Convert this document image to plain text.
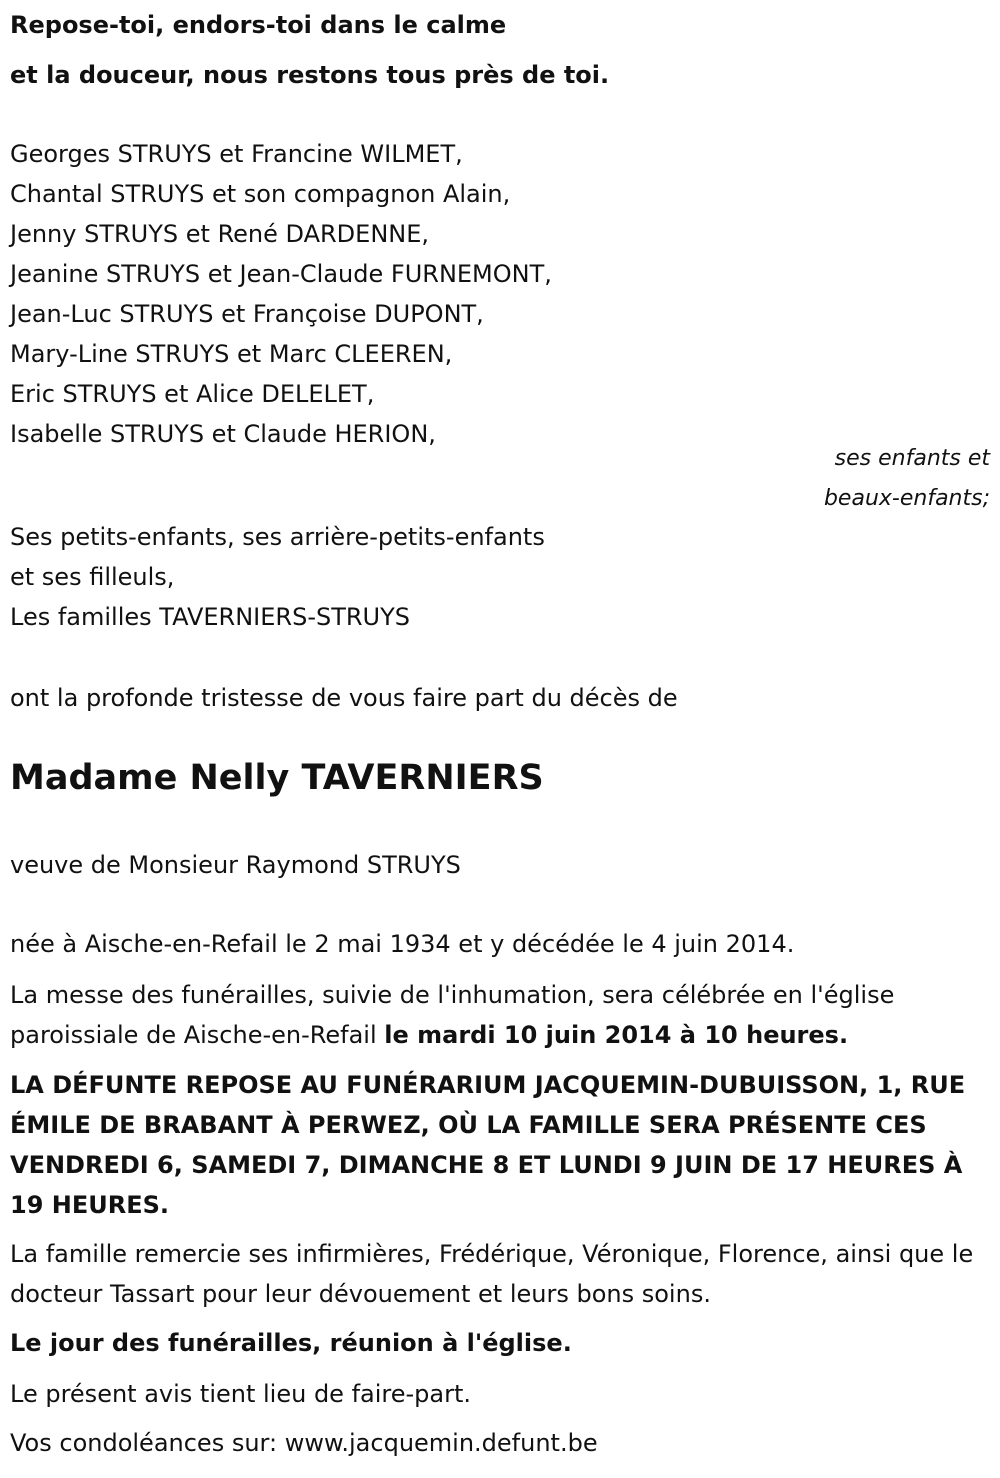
Repose-toi, endors-toi dans le calme
et la douceur, nous restons tous près de toi.
Georges STRUYS et Francine WILMET,
Chantal STRUYS et son compagnon Alain,
Jenny STRUYS et René DARDENNE,
Jeanine STRUYS et Jean-Claude FURNEMONT,
Jean-Luc STRUYS et Françoise DUPONT,
Mary-Line STRUYS et Marc CLEEREN,
Eric STRUYS et Alice DELELET,
Isabelle STRUYS et Claude HERION,
ses enfants et
beaux-enfants;
Ses petits-enfants, ses arrière-petits-enfants
et ses filleuls,
Les familles TAVERNIERS-STRUYS
ont la profonde tristesse de vous faire part du décès de
Madame Nelly TAVERNIERS
veuve de Monsieur Raymond STRUYS
née à Aische-en-Refail le 2 mai 1934 et y décédée le 4 juin 2014.
La messe des funérailles, suivie de l'inhumation, sera célébrée en l'église paroissiale de Aische-en-Refail le mardi 10 juin 2014 à 10 heures.
LA DÉFUNTE REPOSE AU FUNÉRARIUM JACQUEMIN-DUBUISSON, 1, RUE ÉMILE DE BRABANT À PERWEZ, OÙ LA FAMILLE SERA PRÉSENTE CES VENDREDI 6, SAMEDI 7, DIMANCHE 8 ET LUNDI 9 JUIN DE 17 HEURES À 19 HEURES.
La famille remercie ses infirmières, Frédérique, Véronique, Florence, ainsi que le docteur Tassart pour leur dévouement et leurs bons soins.
Le jour des funérailles, réunion à l'église.
Le présent avis tient lieu de faire-part.
Vos condoléances sur: www.jacquemin.defunt.be
